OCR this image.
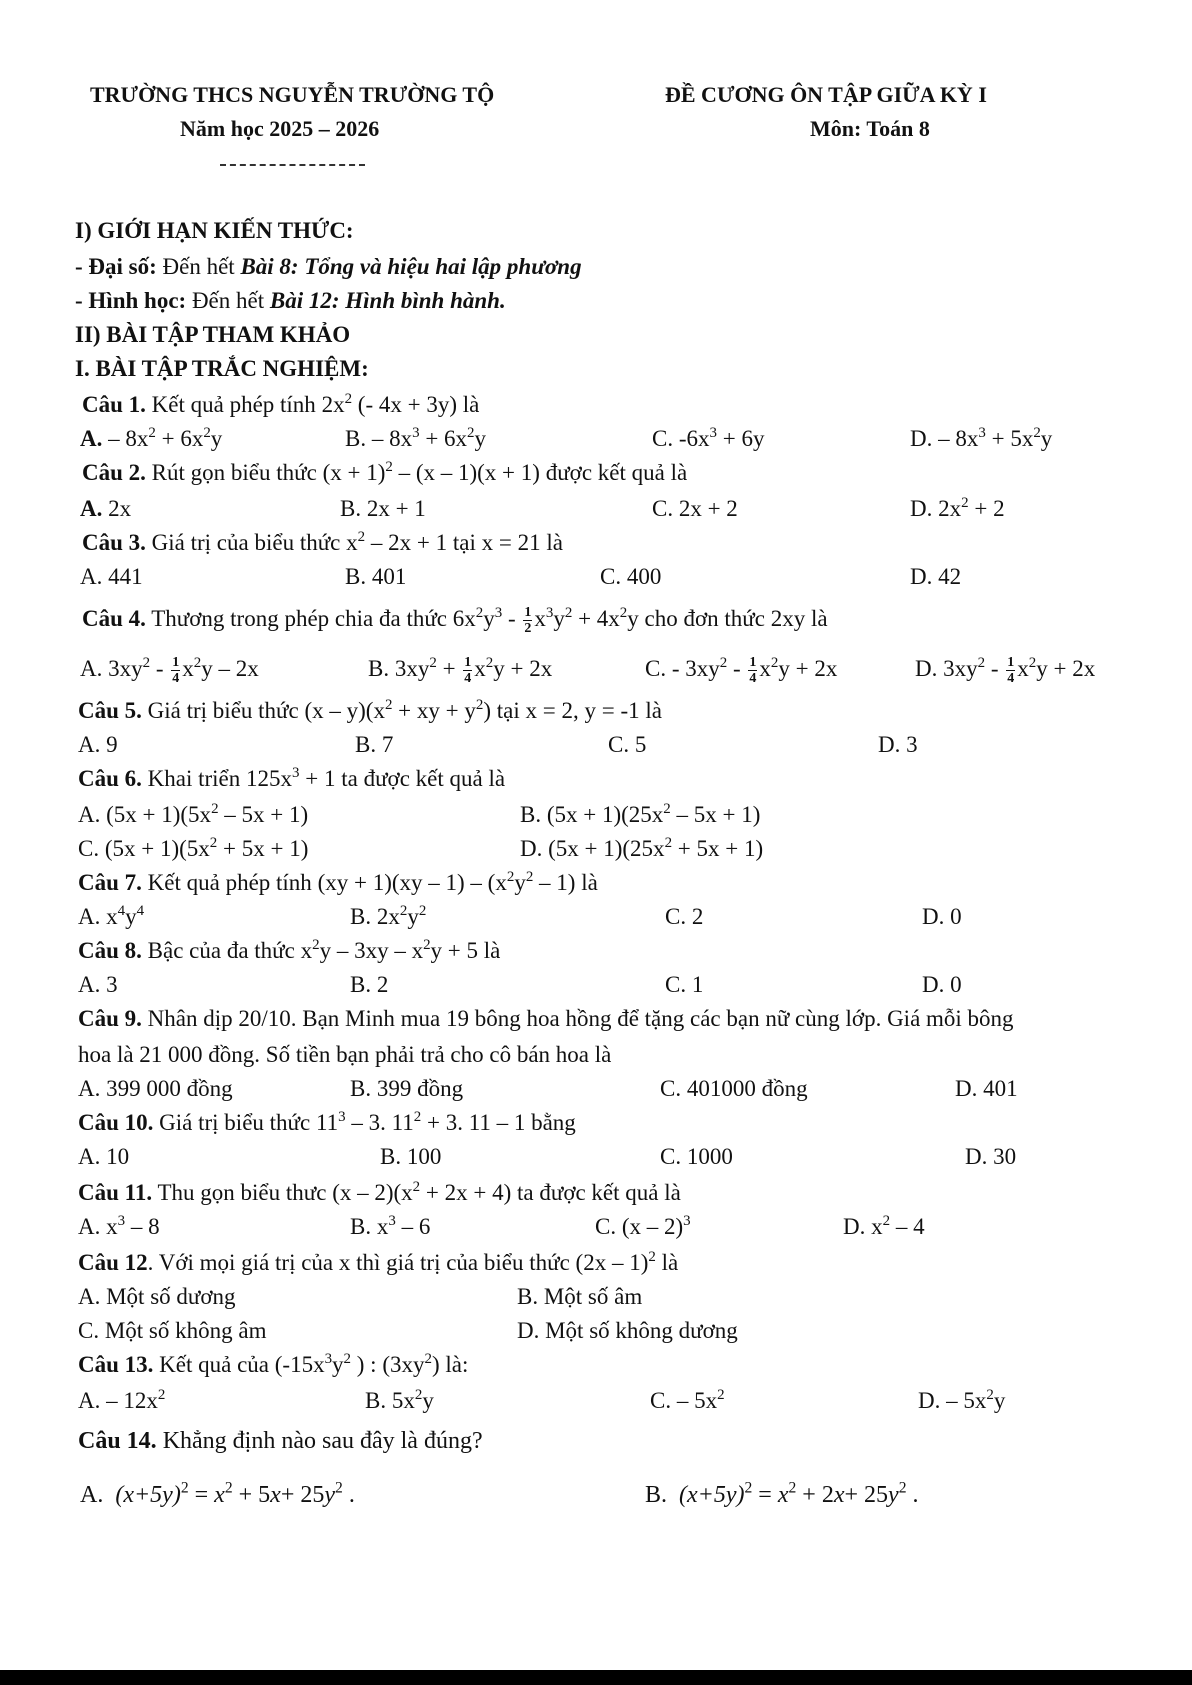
TRƯỜNG THCS NGUYỄN TRƯỜNG TỘ
Năm học 2025 – 2026
ĐỀ CƯƠNG ÔN TẬP GIỮA KỲ I
Môn: Toán 8
I) GIỚI HẠN KIẾN THỨC:
- Đại số: Đến hết Bài 8: Tổng và hiệu hai lập phương
- Hình học: Đến hết Bài 12: Hình bình hành.
II) BÀI TẬP THAM KHẢO
I. BÀI TẬP TRẮC NGHIỆM:
Câu 1. Kết quả phép tính $2x^2$ (- 4x + 3y) là
A. – $8x^2 + 6x^2y$	B. – $8x^3 + 6x^2y$	C. $-6x^3 + 6y$	D. – $8x^3 + 5x^2y$
Câu 2. Rút gọn biểu thức $(x + 1)^2 - (x - 1)(x + 1)$ được kết quả là
A. 2x	B. 2x + 1	C. 2x + 2	D. $2x^2 + 2$
Câu 3. Giá trị của biểu thức $x^2 - 2x + 1$ tại x = 21 là
A. 441	B. 401	C. 400	D. 42
Câu 4. Thương trong phép chia đa thức $6x^2y^3 - \frac{1}{2} x^3y^2 + 4x^2y$ cho đơn thức 2xy là
A. $3xy^2 - \frac{1}{4} x^2y - 2x$	B. $3xy^2 + \frac{1}{4} x^2y + 2x$	C. - $3xy^2 - \frac{1}{4} x^2y + 2x$	D. $3xy^2 - \frac{1}{4} x^2y + 2x$
Câu 5. Giá trị biểu thức $(x - y)(x^2$ + xy + $y^2$) tại x = 2, y = -1 là
A. 9	B. 7	C. 5	D. 3
Câu 6. Khai triển $125x^3 + 1$ ta được kết quả là
A. $(5x + 1)(5x^2 - 5x + 1)$	B. $(5x + 1)(25x^2 - 5x + 1)$
C. $(5x + 1)(5x^2 + 5x + 1)$	D. $(5x + 1)(25x^2 + 5x + 1)$
Câu 7. Kết quả phép tính $(xy + 1)(xy - 1) - (x^2y^2 - 1)$ là
A. $x^4y^4$	B. $2x^2y^2$	C. 2	D. 0
Câu 8. Bậc của đa thức $x^2y - 3xy - x^2y + 5$ là
A. 3	B. 2	C. 1	D. 0
Câu 9. Nhân dịp 20/10. Bạn Minh mua 19 bông hoa hồng để tặng các bạn nữ cùng lớp. Giá mỗi bông
hoa là 21 000 đồng. Số tiền bạn phải trả cho cô bán hoa là
A. 399 000 đồng	B. 399 đồng	C. 401000 đồng	D. 401
Câu 10. Giá trị biểu thức $11^3 - 3$. $11^2 + 3$. 11 – 1 bằng
A. 10	B. 100	C. 1000	D. 30
Câu 11. Thu gọn biểu thưc $(x - 2)(x^2 + 2x + 4)$ ta được kết quả là
A. $x^3 - 8$	B. $x^3 - 6$	C. (x – 2)$^3$	D. $x^2 - 4$
Câu 12. Với mọi giá trị của x thì giá trị của biểu thức (2x – 1)$^2$ là
A. Một số dương	B. Một số âm
C. Một số không âm	D. Một số không dương
Câu 13. Kết quả của ($-15x^3y^2$ ) : $(3xy^2)$ là:
A. – $12x^2$	B. $5x^2y$	C. – $5x^2$	D. – $5x^2y$
Câu 14. Khẳng định nào sau đây là đúng?
A.  $(x+5y)^2 = x^2 + 5x+ 25y^2$ .	B.  $(x+5y)^2 = x^2 + 2x+ 25y^2$ .
